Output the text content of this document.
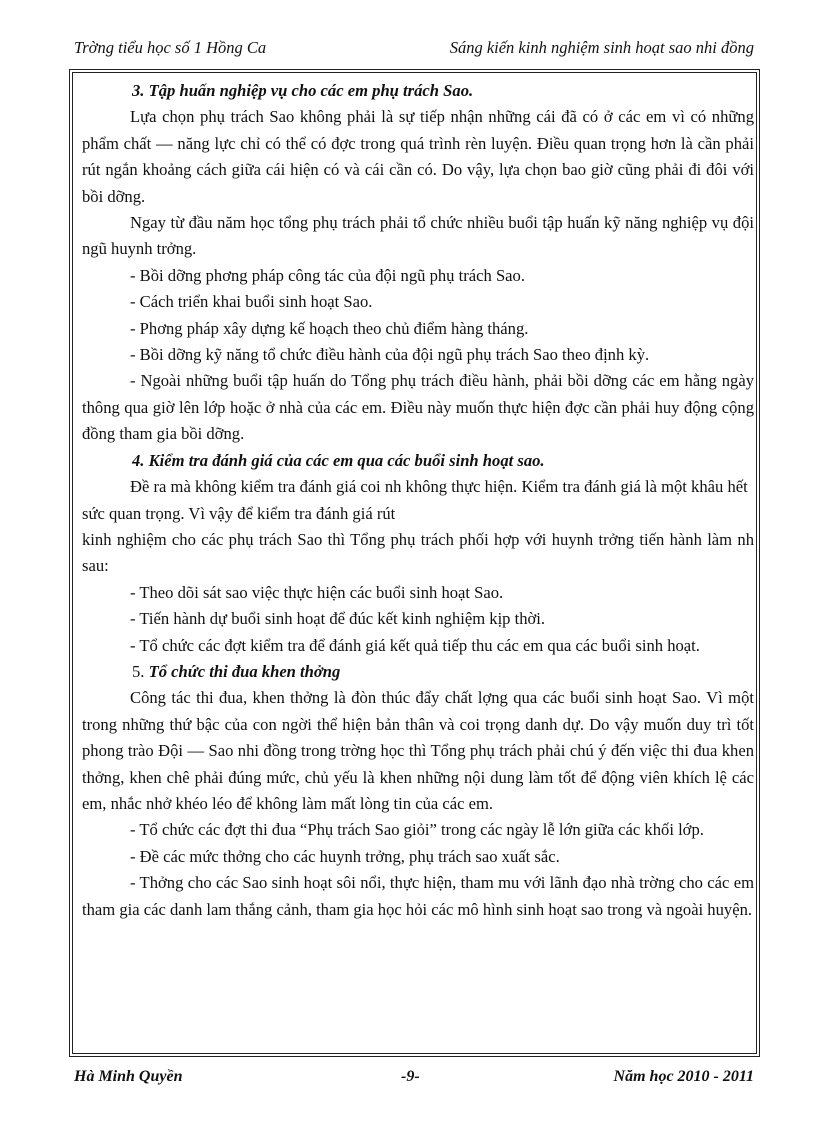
Trờng tiểu học số 1 Hồng Ca	Sáng kiến kinh nghiệm sinh hoạt sao nhi đồng

3. Tập huấn nghiệp vụ cho các em phụ trách Sao.

Lựa chọn phụ trách Sao không phải là sự tiếp nhận những cái đã có ở các em vì có những phẩm chất — năng lực chỉ có thể có đợc trong quá trình rèn luyện. Điều quan trọng hơn là cần phải rút ngắn khoảng cách giữa cái hiện có và cái cần có. Do vậy, lựa chọn bao giờ cũng phải đi đôi với bồi dỡng.

Ngay từ đầu năm học tổng phụ trách phải tổ chức nhiều buổi tập huấn kỹ năng nghiệp vụ đội ngũ huynh trởng.

- Bồi dỡng phơng pháp công tác của đội ngũ phụ trách Sao.

- Cách triển khai buổi sinh hoạt Sao.

- Phơng pháp xây dựng kế hoạch theo chủ điểm hàng tháng.

- Bồi dỡng kỹ năng tổ chức điều hành của đội ngũ phụ trách Sao theo định kỳ.

- Ngoài những buổi tập huấn do Tổng phụ trách điều hành, phải bồi dỡng các em hằng ngày thông qua giờ lên lớp hoặc ở nhà của các em. Điều này muốn thực hiện đợc cần phải huy động cộng đồng tham gia bồi dỡng.

4. Kiểm tra đánh giá của các em qua các buổi sinh hoạt sao.

Đề ra mà không kiểm tra đánh giá coi nh không thực hiện. Kiểm tra đánh giá là một khâu hết sức quan trọng. Vì vậy để kiểm tra đánh giá rút

kinh nghiệm cho các phụ trách Sao thì Tổng phụ trách phối hợp với huynh trởng tiến hành làm nh sau:

- Theo dõi sát sao việc thực hiện các buổi sinh hoạt Sao.

- Tiến hành dự buổi sinh hoạt để đúc kết kinh nghiệm kịp thời.

- Tổ chức các đợt kiểm tra để đánh giá kết quả tiếp thu các em qua các buổi sinh hoạt.

5. Tổ chức thi đua khen thởng

Công tác thi đua, khen thởng là đòn thúc đẩy chất lợng qua các buổi sinh hoạt Sao. Vì một trong những thứ bậc của con ngời thể hiện bản thân và coi trọng danh dự. Do vậy muốn duy trì tốt phong trào Đội — Sao nhi đồng trong trờng học thì Tổng phụ trách phải chú ý đến việc thi đua khen thởng, khen chê phải đúng mức, chủ yếu là khen những nội dung làm tốt để động viên khích lệ các em, nhắc nhở khéo léo để không làm mất lòng tin của các em.

- Tổ chức các đợt thi đua “Phụ trách Sao giỏi” trong các ngày lễ lớn giữa các khối lớp.

- Đề các mức thởng cho các huynh trởng, phụ trách sao xuất sắc.

- Thởng cho các Sao sinh hoạt sôi nổi, thực hiện, tham mu với lãnh đạo nhà trờng cho các em tham gia các danh lam thắng cảnh, tham gia học hỏi các mô hình sinh hoạt sao trong và ngoài huyện.

Hà Minh Quyền	-9-	Năm học 2010 - 2011
